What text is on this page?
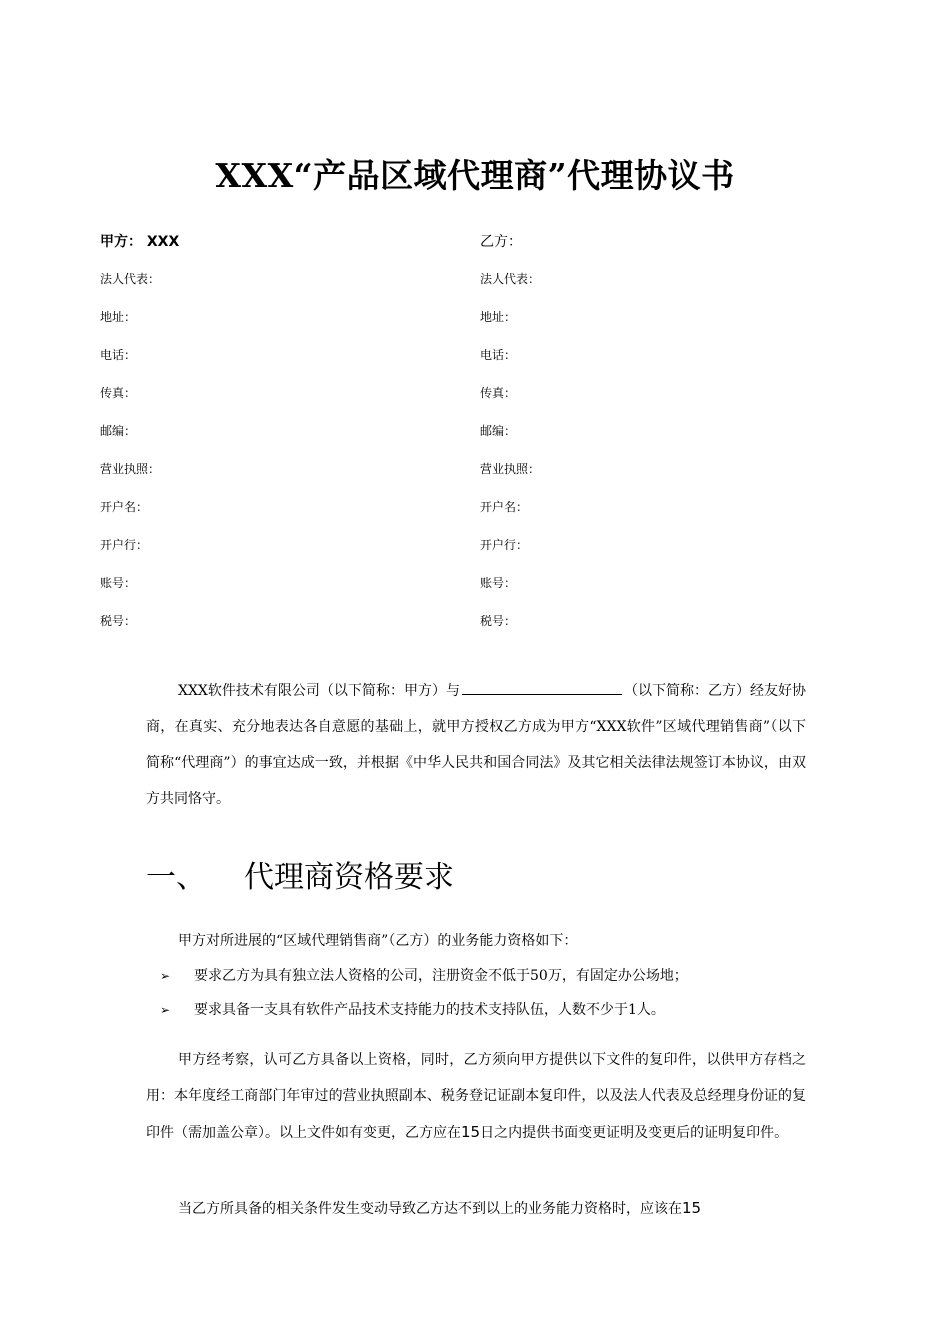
XXX“产品区域代理商”代理协议书
甲方： XXX
法人代表：
地址：
电话：
传真：
邮编：
营业执照：
开户名：
开户行：
账号：
税号：
乙方：
法人代表：
地址：
电话：
传真：
邮编：
营业执照：
开户名：
开户行：
账号：
税号：

XXX软件技术有限公司（以下简称：甲方）与	（以下简称：乙方）经友好协商，在真实、充分地表达各自意愿的基础上，就甲方授权乙方成为甲方“XXX软件”区域代理销售商”（以下简称“代理商”）的事宜达成一致，并根据《中华人民共和国合同法》及其它相关法律法规签订本协议，由双方共同恪守。

一、 代理商资格要求

甲方对所进展的“区域代理销售商”（乙方）的业务能力资格如下：

➢ 要求乙方为具有独立法人资格的公司，注册资金不低于50万，有固定办公场地；
➢ 要求具备一支具有软件产品技术支持能力的技术支持队伍，人数不少于1人。

甲方经考察，认可乙方具备以上资格，同时，乙方须向甲方提供以下文件的复印件，以供甲方存档之用：本年度经工商部门年审过的营业执照副本、税务登记证副本复印件，以及法人代表及总经理身份证的复印件（需加盖公章）。以上文件如有变更，乙方应在15日之内提供书面变更证明及变更后的证明复印件。

当乙方所具备的相关条件发生变动导致乙方达不到以上的业务能力资格时，应该在15
